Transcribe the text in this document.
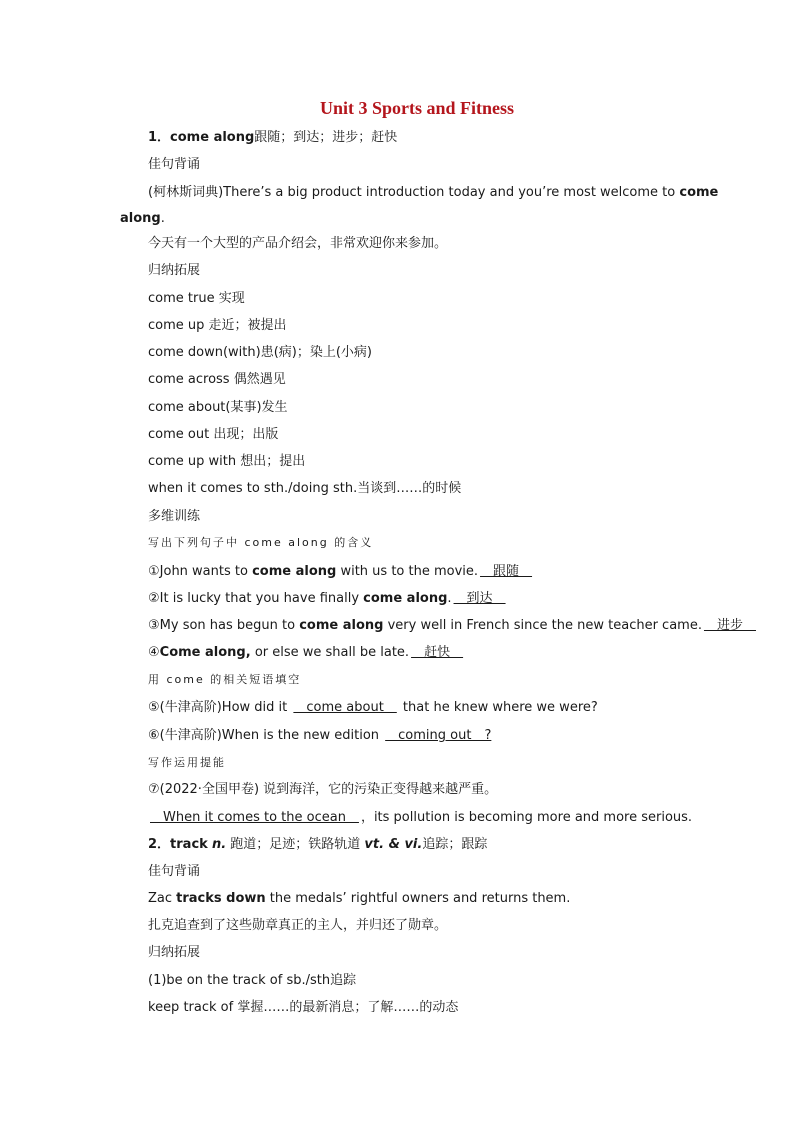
Unit 3 Sports and Fitness
1．come along跟随；到达；进步；赶快
佳句背诵
(柯林斯词典)There’s a big product introduction today and you’re most welcome to come
along.
今天有一个大型的产品介绍会，非常欢迎你来参加。
归纳拓展
come true 实现
come up 走近；被提出
come down(with)患(病)；染上(小病)
come across 偶然遇见
come about(某事)发生
come out 出现；出版
come up with 想出；提出
when it comes to sth./doing sth.当谈到……的时候
多维训练
写出下列句子中 come along 的含义
①John wants to come along with us to the movie.　跟随　
②It is lucky that you have finally come along.　到达　
③My son has begun to come along very well in French since the new teacher came.　进步　
④Come along, or else we shall be late.　赶快　
用 come 的相关短语填空
⑤(牛津高阶)How did it 　come about　 that he knew where we were?
⑥(牛津高阶)When is the new edition 　coming out　?
写作运用提能
⑦(2022·全国甲卷) 说到海洋，它的污染正变得越来越严重。
　When it comes to the ocean　，its pollution is becoming more and more serious.
2．track n. 跑道；足迹；铁路轨道 vt. & vi.追踪；跟踪
佳句背诵
Zac tracks down the medals’ rightful owners and returns them.
扎克追查到了这些勋章真正的主人，并归还了勋章。
归纳拓展
(1)be on the track of sb./sth追踪
keep track of 掌握……的最新消息；了解……的动态
